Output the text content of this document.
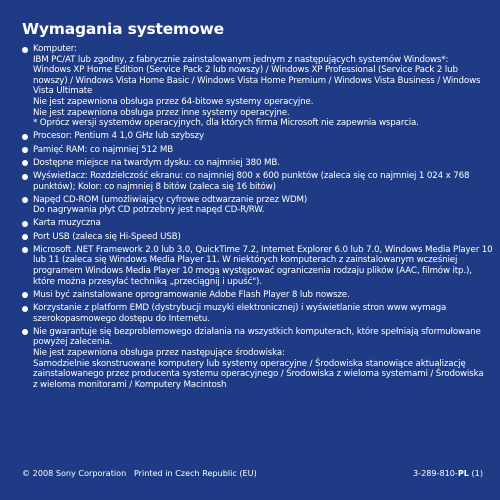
Wymagania systemowe
Komputer:
IBM PC/AT lub zgodny, z fabrycznie zainstalowanym jednym z następujących systemów Windows*:
Windows XP Home Edition (Service Pack 2 lub nowszy) / Windows XP Professional (Service Pack 2 lub
nowszy) / Windows Vista Home Basic / Windows Vista Home Premium / Windows Vista Business / Windows
Vista Ultimate
Nie jest zapewniona obsługa przez 64-bitowe systemy operacyjne.
Nie jest zapewniona obsługa przez inne systemy operacyjne.
* Oprócz wersji systemów operacyjnych, dla których firma Microsoft nie zapewnia wsparcia.
Procesor: Pentium 4 1,0 GHz lub szybszy
Pamięć RAM: co najmniej 512 MB
Dostępne miejsce na twardym dysku: co najmniej 380 MB.
Wyświetlacz: Rozdzielczość ekranu: co najmniej 800 x 600 punktów (zaleca się co najmniej 1 024 x 768
punktów); Kolor: co najmniej 8 bitów (zaleca się 16 bitów)
Napęd CD-ROM (umożliwiający cyfrowe odtwarzanie przez WDM)
Do nagrywania płyt CD potrzebny jest napęd CD-R/RW.
Karta muzyczna
Port USB (zaleca się Hi-Speed USB)
Microsoft .NET Framework 2.0 lub 3.0, QuickTime 7.2, Internet Explorer 6.0 lub 7.0, Windows Media Player 10
lub 11 (zaleca się Windows Media Player 11. W niektórych komputerach z zainstalowanym wcześniej
programem Windows Media Player 10 mogą występować ograniczenia rodzaju plików (AAC, filmów itp.),
które można przesyłać techniką „przeciągnij i upuść").
Musi być zainstalowane oprogramowanie Adobe Flash Player 8 lub nowsze.
Korzystanie z platform EMD (dystrybucji muzyki elektronicznej) i wyświetlanie stron www wymaga
szerokopasmowego dostępu do Internetu.
Nie gwarantuje się bezproblemowego działania na wszystkich komputerach, które spełniają sformułowane
powyżej zalecenia.
Nie jest zapewniona obsługa przez następujące środowiska:
Samodzielnie skonstruowane komputery lub systemy operacyjne / Środowiska stanowiące aktualizację
zainstalowanego przez producenta systemu operacyjnego / Środowiska z wieloma systemami / Środowiska
z wieloma monitorami / Komputery Macintosh
© 2008 Sony Corporation   Printed in Czech Republic (EU)	3-289-810-PL (1)
